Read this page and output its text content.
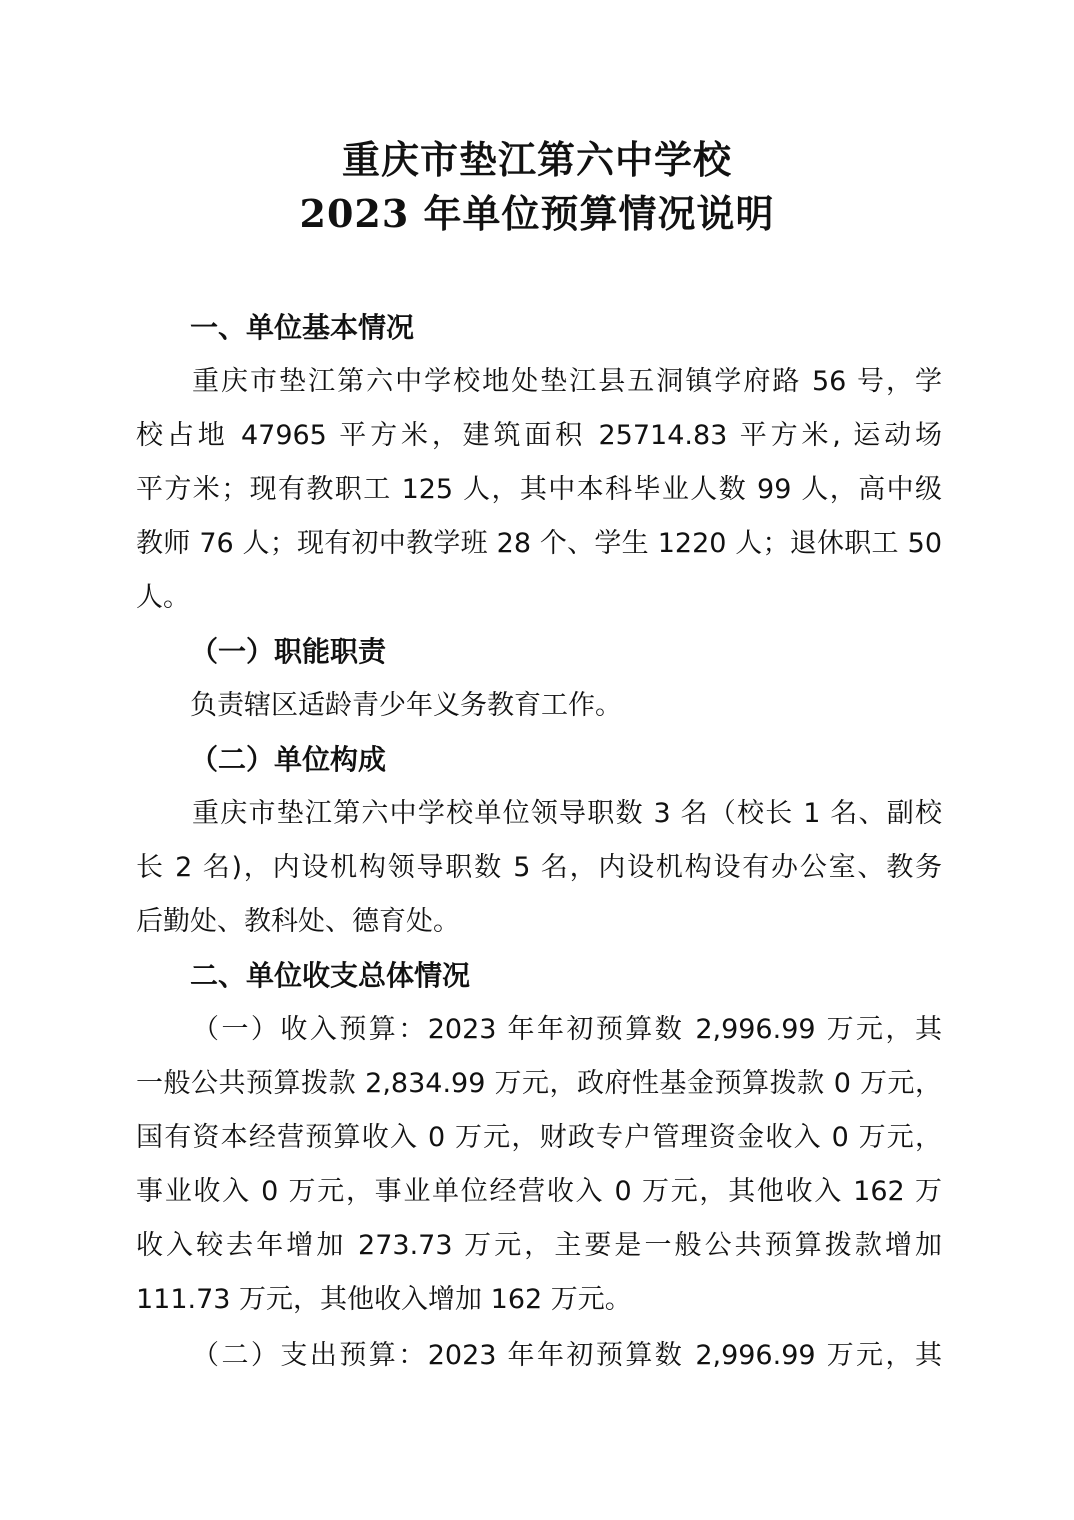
重庆市垫江第六中学校
2023 年单位预算情况说明
一、单位基本情况
重庆市垫江第六中学校地处垫江县五洞镇学府路 56 号，学
校占地 47965 平方米，建筑面积 25714.83 平方米, 运动场
平方米；现有教职工 125 人，其中本科毕业人数 99 人，高中级
教师 76 人；现有初中教学班 28 个、学生 1220 人；退休职工 50
人。
（一）职能职责
负责辖区适龄青少年义务教育工作。
（二）单位构成
重庆市垫江第六中学校单位领导职数 3 名（校长 1 名、副校
长 2 名)，内设机构领导职数 5 名，内设机构设有办公室、教务
后勤处、教科处、德育处。
二、单位收支总体情况
（一）收入预算：2023 年年初预算数 2,996.99 万元，其
一般公共预算拨款 2,834.99 万元，政府性基金预算拨款 0 万元，
国有资本经营预算收入 0 万元，财政专户管理资金收入 0 万元，
事业收入 0 万元，事业单位经营收入 0 万元，其他收入 162 万
收入较去年增加 273.73 万元，主要是一般公共预算拨款增加
111.73 万元，其他收入增加 162 万元。
（二）支出预算：2023 年年初预算数 2,996.99 万元，其
